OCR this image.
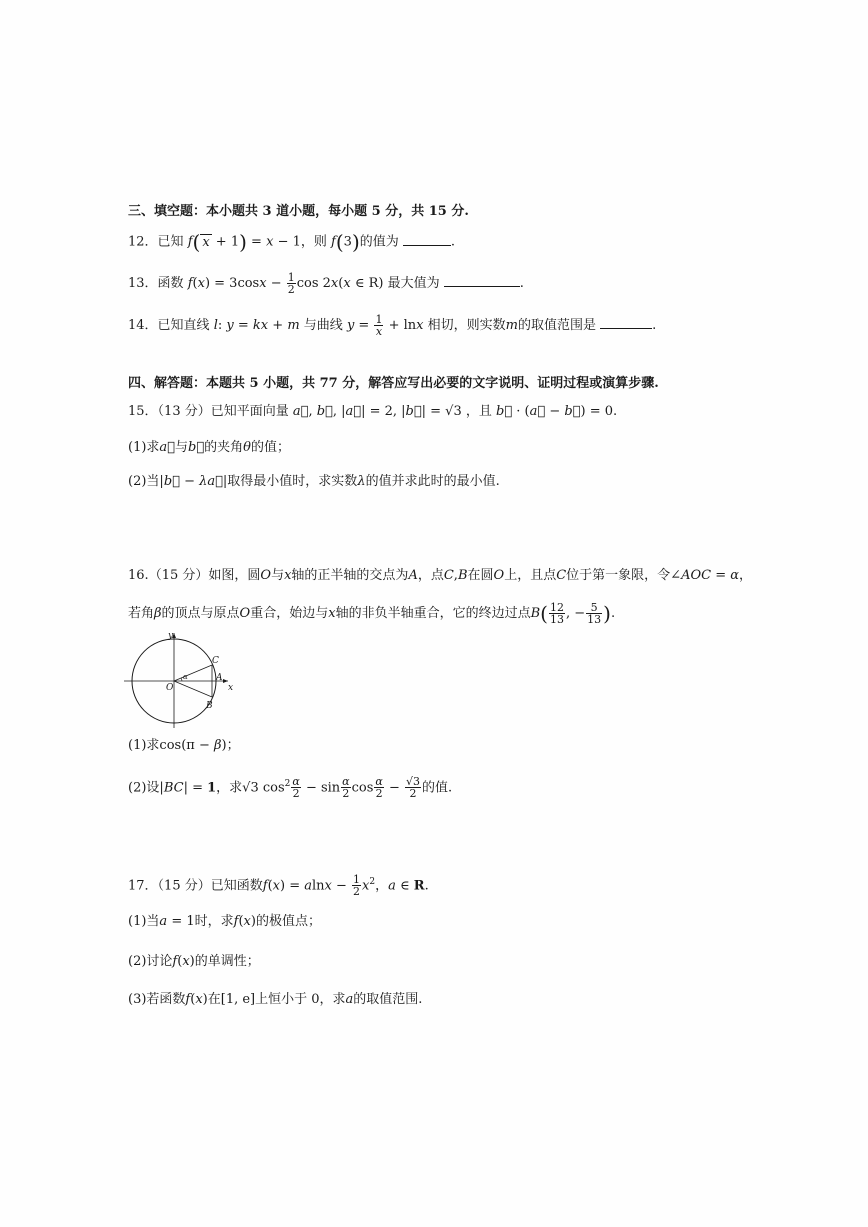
三、填空题：本小题共 3 道小题，每小题 5 分，共 15 分.
12．已知 f( x + 1) = x − 1，则 f(3)的值为	.
13．函数 $f(x) = 3\cos x - \frac{1}{2}$ cos 2x(x ∈ R) 最大值为	.
14．已知直线 l: y = kx + m 与曲线 $y = \frac{1}{x} + \ln x$ 相切，则实数m的取值范围是	.
四、解答题：本题共 5 小题，共 77 分，解答应写出必要的文字说明、证明过程或演算步骤.
15．（13 分）已知平面向量 a⃗, b⃗, |a⃗| = 2, |b⃗| = √3 ，且 b⃗ · (a⃗ − b⃗) = 0.
(1)求a⃗与b⃗的夹角θ的值；
(2)当|b⃗ − λa⃗|取得最小值时，求实数λ的值并求此时的最小值.
16.（15 分）如图，圆O与x轴的正半轴的交点为A，点C,B在圆O上，且点C位于第一象限，令∠AOC = α，
若角β的顶点与原点O重合，始边与x轴的非负半轴重合，它的终边过点$B( \frac{12}{13}$ , − $\frac{5}{13}$ ).
y
x
O
A
C
B
α
(1)求cos(π − β)；
(2)设|BC| = 1，求√3 $\cos^2 \frac{\alpha}{2} - \sin \frac{\alpha}{2}$ $\cos \frac{\alpha}{2} - \frac{√3}{2}$ 的值.
17．（15 分）已知函数$f(x) = alnx - \frac{1}{2} x^2$，a ∈ R.
(1)当a = 1时，求f(x)的极值点；
(2)讨论f(x)的单调性；
(3)若函数f(x)在[1, e]上恒小于 0，求a的取值范围.
